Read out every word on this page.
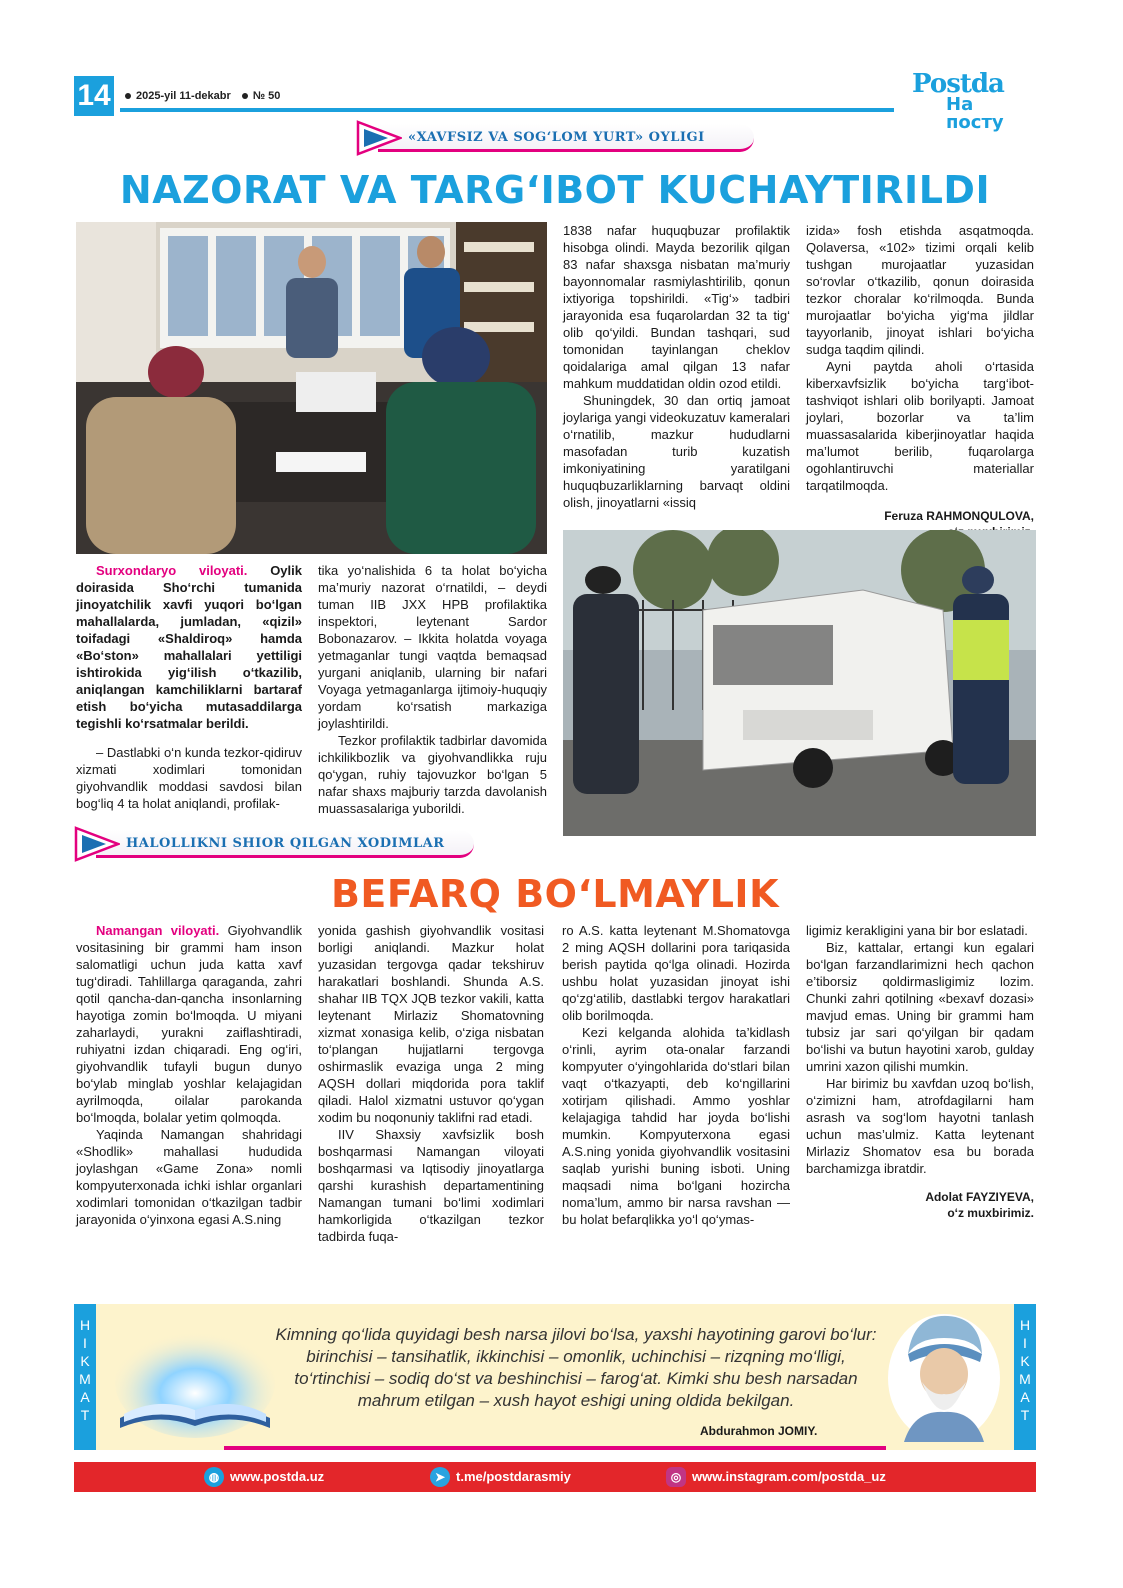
14	2025-yil 11-dekabr № 50	Postda
На посту
«XAVFSIZ VA SOG‘LOM YURT» OYLIGI
NAZORAT VA TARG‘IBOT KUCHAYTIRILDI

1838 nafar huquqbuzar profilaktik hisobga olindi. Mayda bezorilik qilgan 83 nafar shaxsga nisbatan ma’muriy bayonnomalar rasmiylashtirilib, qonun ixtiyoriga topshirildi. «Tig‘» tadbiri jarayonida esa fuqarolardan 32 ta tig‘ olib qo‘yildi. Bundan tashqari, sud tomonidan tayinlangan cheklov qoidalariga amal qilgan 13 nafar mahkum muddatidan oldin ozod etildi.

Shuningdek, 30 dan ortiq jamoat joylariga yangi videokuzatuv kameralari o‘rnatilib, mazkur hududlarni masofadan turib kuzatish imkoniyatining yaratilgani huquqbuzarliklarning barvaqt oldini olish, jinoyatlarni «issiq

izida» fosh etishda asqatmoqda. Qolaversa, «102» tizimi orqali kelib tushgan murojaatlar yuzasidan so‘rovlar o‘tkazilib, qonun doirasida tezkor choralar ko‘rilmoqda. Bunda murojaatlar bo‘yicha yig‘ma jildlar tayyorlanib, jinoyat ishlari bo‘yicha sudga taqdim qilindi.

Ayni paytda aholi o‘rtasida kiberxavfsizlik bo‘yicha targ‘ibot-tashviqot ishlari olib borilyapti. Jamoat joylari, bozorlar va ta’lim muassasalarida kiberjinoyatlar haqida ma’lumot berilib, fuqarolarga ogohlantiruvchi materiallar tarqatilmoqda.

Feruza RAHMONQULOVA,

Surxondaryo viloyati. Oylik doirasida Sho‘rchi tumanida jinoyatchilik xavfi yuqori bo‘lgan mahallalarda, jumladan, «qizil» toifadagi «Shaldiroq» hamda «Bo‘ston» mahallalari yettiligi ishtirokida yig‘ilish o‘tkazilib, aniqlangan kamchiliklarni bartaraf etish bo‘yicha mutasaddilarga tegishli ko‘rsatmalar berildi.

– Dastlabki o‘n kunda tezkor-qidiruv xizmati xodimlari tomonidan giyohvandlik moddasi savdosi bilan bog‘liq 4 ta holat aniqlandi, profilak-

tika yo‘nalishida 6 ta holat bo‘yicha ma’muriy nazorat o‘rnatildi, – deydi tuman IIB JXX HPB profilaktika inspektori, leytenant Sardor Bobonazarov. – Ikkita holatda voyaga yetmaganlar tungi vaqtda bemaqsad yurgani aniqlanib, ularning bir nafari Voyaga yetmaganlarga ijtimoiy-huquqiy yordam ko‘rsatish markaziga joylashtirildi.

Tezkor profilaktik tadbirlar davomida ichkilikbozlik va giyohvandlikka ruju qo‘ygan, ruhiy tajovuzkor bo‘lgan 5 nafar shaxs majburiy tarzda davolanish muassasalariga yuborildi.

HALOLLIKNI SHIOR QILGAN XODIMLAR
BEFARQ BO‘LMAYLIK

Namangan viloyati. Giyohvandlik vositasining bir grammi ham inson salomatligi uchun juda katta xavf tug‘diradi. Tahlillarga qaraganda, zahri qotil qancha-dan-qancha insonlarning hayotiga zomin bo‘lmoqda. U miyani zaharlaydi, yurakni zaiflashtiradi, ruhiyatni izdan chiqaradi. Eng og‘iri, giyohvandlik tufayli bugun dunyo bo‘ylab minglab yoshlar kelajagidan ayrilmoqda, oilalar parokanda bo‘lmoqda, bolalar yetim qolmoqda.

Yaqinda Namangan shahridagi «Shodlik» mahallasi hududida joylashgan «Game Zona» nomli kompyuterxonada ichki ishlar organlari xodimlari tomonidan o‘tkazilgan tadbir jarayonida o‘yinxona egasi A.S.ning

yonida gashish giyohvandlik vositasi borligi aniqlandi. Mazkur holat yuzasidan tergovga qadar tekshiruv harakatlari boshlandi. Shunda A.S. shahar IIB TQX JQB tezkor vakili, katta leytenant Mirlaziz Shomatovning xizmat xonasiga kelib, o‘ziga nisbatan to‘plangan hujjatlarni tergovga oshirmaslik evaziga unga 2 ming AQSH dollari miqdorida pora taklif qiladi. Halol xizmatni ustuvor qo‘ygan xodim bu noqonuniy taklifni rad etadi.

IIV Shaxsiy xavfsizlik bosh boshqarmasi Namangan viloyati boshqarmasi va Iqtisodiy jinoyatlarga qarshi kurashish departamentining Namangan tumani bo‘limi xodimlari hamkorligida o‘tkazilgan tezkor tadbirda fuqa-

ro A.S. katta leytenant M.Shomatovga 2 ming AQSH dollarini pora tariqasida berish paytida qo‘lga olinadi. Hozirda ushbu holat yuzasidan jinoyat ishi qo‘zg‘atilib, dastlabki tergov harakatlari olib borilmoqda.

Kezi kelganda alohida ta’kidlash o‘rinli, ayrim ota-onalar farzandi kompyuter o‘yingohlarida do‘stlari bilan vaqt o‘tkazyapti, deb ko‘ngillarini xotirjam qilishadi. Ammo yoshlar kelajagiga tahdid har joyda bo‘lishi mumkin. Kompyuterxona egasi A.S.ning yonida giyohvandlik vositasini saqlab yurishi buning isboti. Uning maqsadi nima bo‘lgani hozircha noma’lum, ammo bir narsa ravshan — bu holat befarqlikka yo‘l qo‘ymas-

ligimiz kerakligini yana bir bor eslatadi.

Biz, kattalar, ertangi kun egalari bo‘lgan farzandlarimizni hech qachon e’tiborsiz qoldirmasligimiz lozim. Chunki zahri qotilning «bexavf dozasi» mavjud emas. Uning bir grammi ham tubsiz jar sari qo‘yilgan bir qadam bo‘lishi va butun hayotini xarob, gulday umrini xazon qilishi mumkin.

Har birimiz bu xavfdan uzoq bo‘lish, o‘zimizni ham, atrofdagilarni ham asrash va sog‘lom hayotni tanlash uchun mas’ulmiz. Katta leytenant Mirlaziz Shomatov esa bu borada barchamizga ibratdir.

Adolat FAYZIYEVA,
o‘z muxbirimiz.
H
I
K
M
A
T
H
I
K
M
A
T
Kimning qo‘lida quyidagi besh narsa jilovi bo‘lsa, yaxshi hayotining garovi bo‘lur: birinchisi – tansihatlik, ikkinchisi – omonlik, uchinchisi – rizqning mo‘lligi, to‘rtinchisi – sodiq do‘st va beshinchisi – farog‘at. Kimki shu besh narsadan mahrum etilgan – xush hayot eshigi uning oldida bekilgan.
Abdurahmon JOMIY.
◍ www.postda.uz	➤ t.me/postdarasmiy	◎ www.instagram.com/postda_uz
